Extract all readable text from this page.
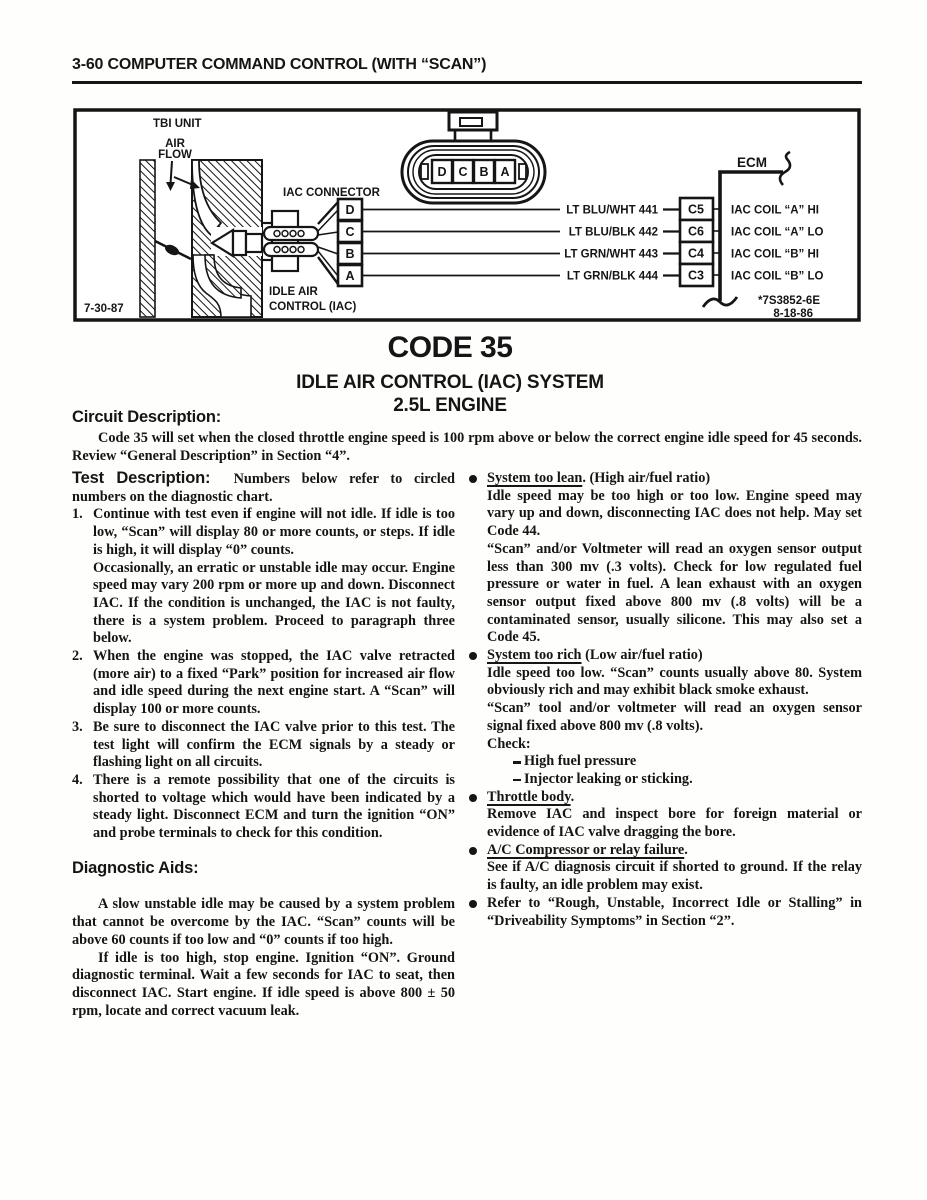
3-60 COMPUTER COMMAND CONTROL (WITH “SCAN”)
D
C
B
A
D C B A
LT BLU/WHT 441
LT BLU/BLK 442
LT GRN/WHT 443
LT GRN/BLK 444
C5
C6
C4
C3
ECM
IAC COIL “A” HI
IAC COIL “A” LO
IAC COIL “B” HI
IAC COIL “B” LO
*7S3852-6E
8-18-86
TBI UNIT
AIR
FLOW
IAC CONNECTOR
IDLE AIR
CONTROL (IAC)
7-30-87
CODE 35
IDLE AIR CONTROL (IAC) SYSTEM
2.5L ENGINE
Circuit Description:

Code 35 will set when the closed throttle engine speed is 100 rpm above or below the correct engine idle speed for 45 seconds. Review “General Description” in Section “4”.

Test Description: Numbers below refer to circled numbers on the diagnostic chart.

1. Continue with test even if engine will not idle. If idle is too low, “Scan” will display 80 or more counts, or steps. If idle is high, it will display “0” counts.

Occasionally, an erratic or unstable idle may occur. Engine speed may vary 200 rpm or more up and down. Disconnect IAC. If the condition is unchanged, the IAC is not faulty, there is a system problem. Proceed to paragraph three below.

2. When the engine was stopped, the IAC valve retracted (more air) to a fixed “Park” position for increased air flow and idle speed during the next engine start. A “Scan” will display 100 or more counts.

3. Be sure to disconnect the IAC valve prior to this test. The test light will confirm the ECM signals by a steady or flashing light on all circuits.

4. There is a remote possibility that one of the circuits is shorted to voltage which would have been indicated by a steady light. Disconnect ECM and turn the ignition “ON” and probe terminals to check for this condition.

Diagnostic Aids:

A slow unstable idle may be caused by a system problem that cannot be overcome by the IAC. “Scan” counts will be above 60 counts if too low and “0” counts if too high.

If idle is too high, stop engine. Ignition “ON”. Ground diagnostic terminal. Wait a few seconds for IAC to seat, then disconnect IAC. Start engine. If idle speed is above 800 ± 50 rpm, locate and correct vacuum leak.

System too lean. (High air/fuel ratio)

Idle speed may be too high or too low. Engine speed may vary up and down, disconnecting IAC does not help. May set Code 44.

“Scan” and/or Voltmeter will read an oxygen sensor output less than 300 mv (.3 volts). Check for low regulated fuel pressure or water in fuel. A lean exhaust with an oxygen sensor output fixed above 800 mv (.8 volts) will be a contaminated sensor, usually silicone. This may also set a Code 45.

System too rich (Low air/fuel ratio)

Idle speed too low. “Scan” counts usually above 80. System obviously rich and may exhibit black smoke exhaust.

“Scan” tool and/or voltmeter will read an oxygen sensor signal fixed above 800 mv (.8 volts).

Check:

High fuel pressure
Injector leaking or sticking.

Throttle body.

Remove IAC and inspect bore for foreign material or evidence of IAC valve dragging the bore.

A/C Compressor or relay failure.

See if A/C diagnosis circuit if shorted to ground. If the relay is faulty, an idle problem may exist.

Refer to “Rough, Unstable, Incorrect Idle or Stalling” in “Driveability Symptoms” in Section “2”.
